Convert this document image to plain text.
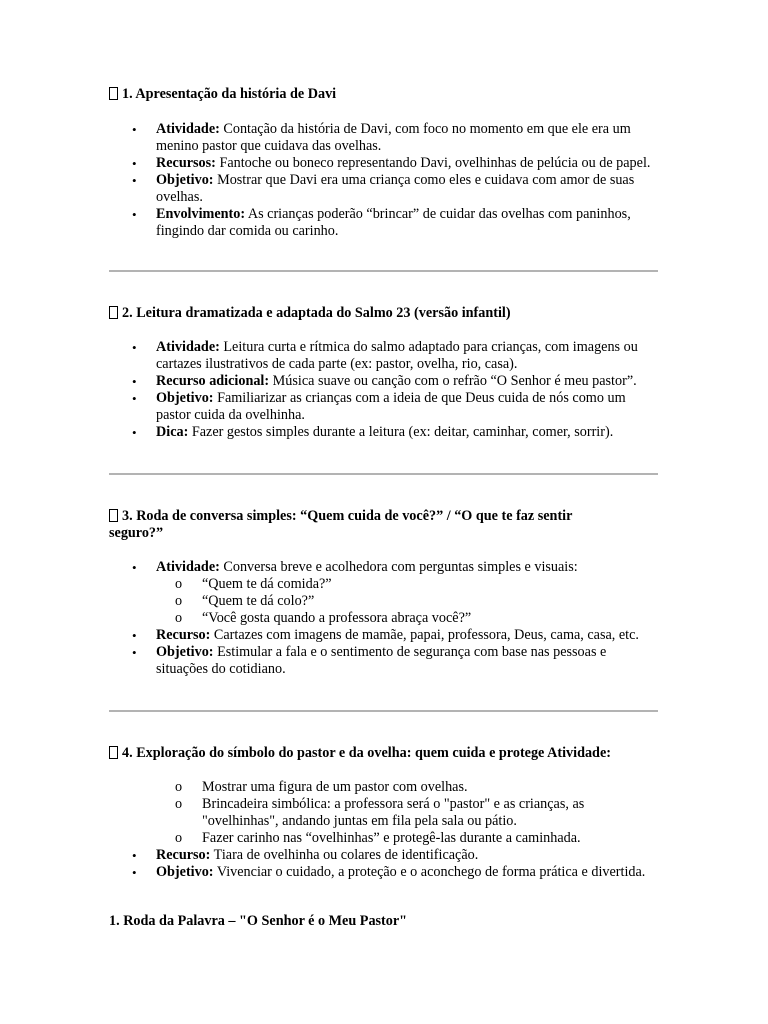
1. Apresentação da história de Davi
• Atividade: Contação da história de Davi, com foco no momento em que ele era um menino pastor que cuidava das ovelhas.
• Recursos: Fantoche ou boneco representando Davi, ovelhinhas de pelúcia ou de papel.
• Objetivo: Mostrar que Davi era uma criança como eles e cuidava com amor de suas ovelhas.
• Envolvimento: As crianças poderão “brincar” de cuidar das ovelhas com paninhos, fingindo dar comida ou carinho.
2. Leitura dramatizada e adaptada do Salmo 23 (versão infantil)
• Atividade: Leitura curta e rítmica do salmo adaptado para crianças, com imagens ou cartazes ilustrativos de cada parte (ex: pastor, ovelha, rio, casa).
• Recurso adicional: Música suave ou canção com o refrão “O Senhor é meu pastor”.
• Objetivo: Familiarizar as crianças com a ideia de que Deus cuida de nós como um pastor cuida da ovelhinha.
• Dica: Fazer gestos simples durante a leitura (ex: deitar, caminhar, comer, sorrir).
3. Roda de conversa simples: “Quem cuida de você?” / “O que te faz sentir seguro?”
• Atividade: Conversa breve e acolhedora com perguntas simples e visuais:
o “Quem te dá comida?”
o “Quem te dá colo?”
o “Você gosta quando a professora abraça você?”
• Recurso: Cartazes com imagens de mamãe, papai, professora, Deus, cama, casa, etc.
• Objetivo: Estimular a fala e o sentimento de segurança com base nas pessoas e situações do cotidiano.
4. Exploração do símbolo do pastor e da ovelha: quem cuida e protege Atividade:
o Mostrar uma figura de um pastor com ovelhas.
o Brincadeira simbólica: a professora será o "pastor" e as crianças, as "ovelhinhas", andando juntas em fila pela sala ou pátio.
o Fazer carinho nas “ovelhinhas” e protegê-las durante a caminhada.
• Recurso: Tiara de ovelhinha ou colares de identificação.
• Objetivo: Vivenciar o cuidado, a proteção e o aconchego de forma prática e divertida.
1. Roda da Palavra – "O Senhor é o Meu Pastor"
